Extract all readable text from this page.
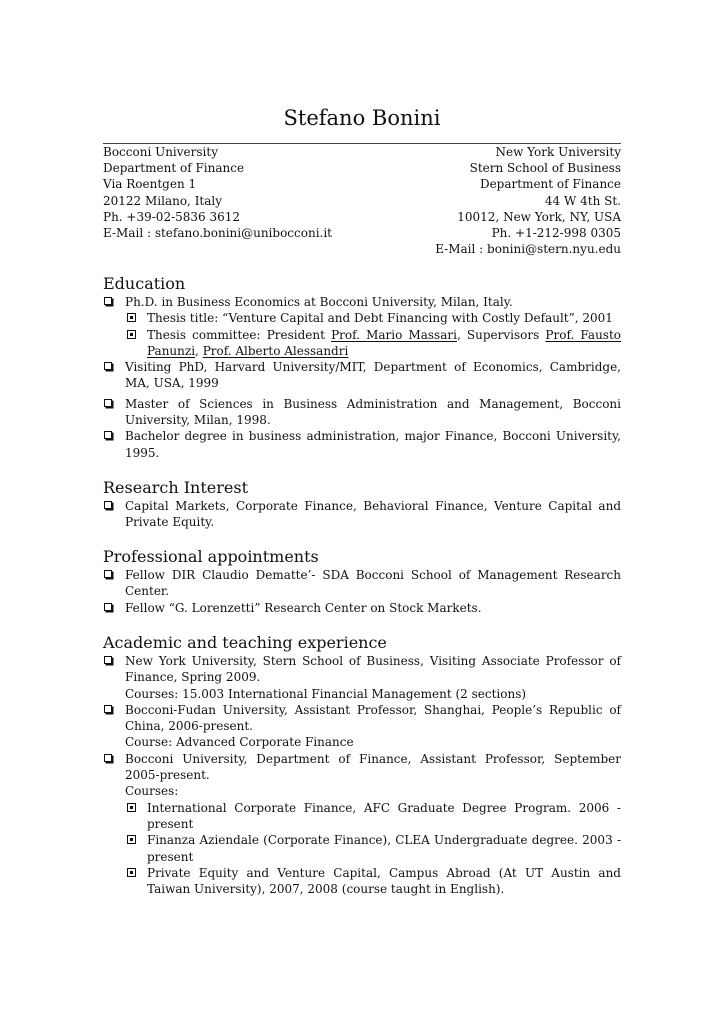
Stefano Bonini
Bocconi University
Department of Finance
Via Roentgen 1
20122 Milano, Italy
Ph. +39-02-5836 3612
E-Mail : stefano.bonini@unibocconi.it
New York University
Stern School of Business
Department of Finance
44 W 4th St.
10012, New York, NY, USA
Ph. +1-212-998 0305
E-Mail : bonini@stern.nyu.edu
Education
Ph.D. in Business Economics at Bocconi University, Milan, Italy.
Thesis title: “Venture Capital and Debt Financing with Costly Default”, 2001
Thesis committee: President Prof. Mario Massari, Supervisors Prof. Fausto Panunzi, Prof. Alberto Alessandri
Visiting PhD, Harvard University/MIT, Department of Economics, Cambridge, MA, USA, 1999
Master of Sciences in Business Administration and Management, Bocconi University, Milan, 1998.
Bachelor degree in business administration, major Finance, Bocconi University, 1995.
Research Interest
Capital Markets, Corporate Finance, Behavioral Finance, Venture Capital and Private Equity.
Professional appointments
Fellow DIR Claudio Dematte’- SDA Bocconi School of Management Research Center.
Fellow “G. Lorenzetti” Research Center on Stock Markets.
Academic and teaching experience
New York University, Stern School of Business, Visiting Associate Professor of Finance, Spring 2009.
Courses: 15.003 International Financial Management (2 sections)
Bocconi-Fudan University, Assistant Professor, Shanghai, People’s Republic of China, 2006-present.
Course: Advanced Corporate Finance
Bocconi University, Department of Finance, Assistant Professor, September 2005-present.
Courses:
International Corporate Finance, AFC Graduate Degree Program. 2006 - present
Finanza Aziendale (Corporate Finance), CLEA Undergraduate degree. 2003 - present
Private Equity and Venture Capital, Campus Abroad (At UT Austin and Taiwan University), 2007, 2008 (course taught in English).
